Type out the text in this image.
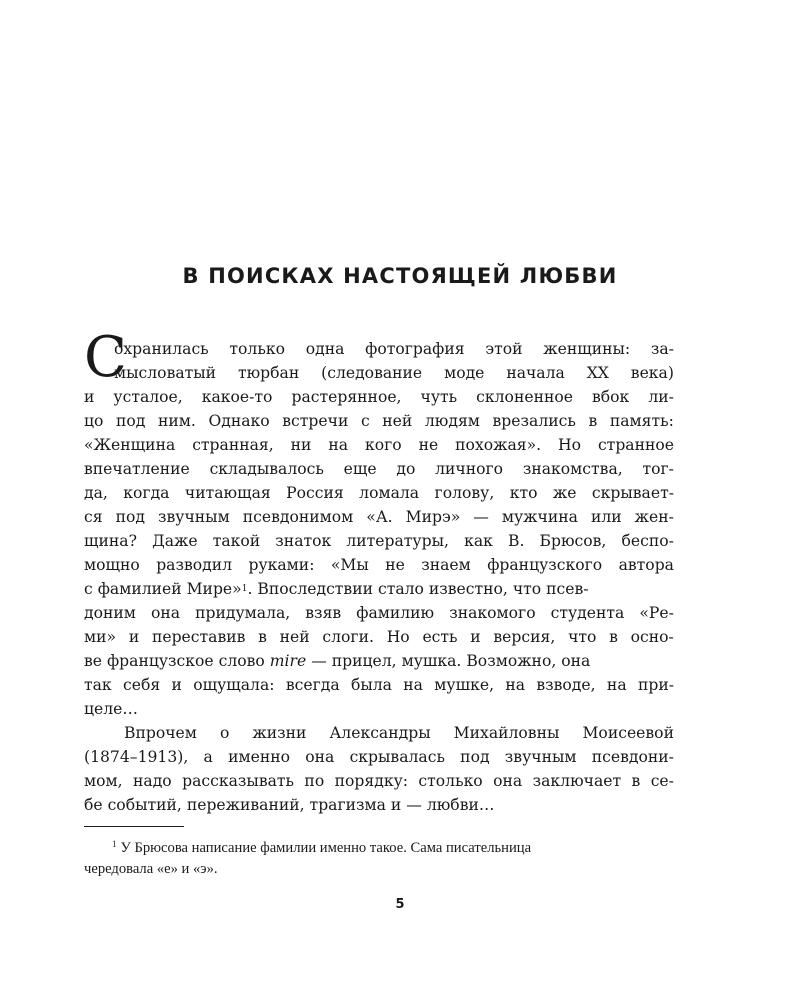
В ПОИСКАХ НАСТОЯЩЕЙ ЛЮБВИ
С
охранилась только одна фотография этой женщины: за-
мысловатый тюрбан (следование моде начала XX века)
и усталое, какое-то растерянное, чуть склоненное вбок ли-
цо под ним. Однако встречи с ней людям врезались в память:
«Женщина странная, ни на кого не похожая». Но странное
впечатление складывалось еще до личного знакомства, тог-
да, когда читающая Россия ломала голову, кто же скрывает-
ся под звучным псевдонимом «А. Мирэ» — мужчина или жен-
щина? Даже такой знаток литературы, как В. Брюсов, беспо-
мощно разводил руками: «Мы не знаем французского автора
с фамилией Мире» 1 . Впоследствии стало известно, что псев-
доним она придумала, взяв фамилию знакомого студента «Ре-
ми» и переставив в ней слоги. Но есть и версия, что в осно-
ве французское слово mire — прицел, мушка. Возможно, она
так себя и ощущала: всегда была на мушке, на взводе, на при-
целе…
Впрочем о жизни Александры Михайловны Моисеевой
(1874–1913), а именно она скрывалась под звучным псевдони-
мом, надо рассказывать по порядку: столько она заключает в се-
бе событий, переживаний, трагизма и — любви…
$^1$ У Брюсова написание фамилии именно такое. Сама писательница
чередовала «е» и «э».
5
